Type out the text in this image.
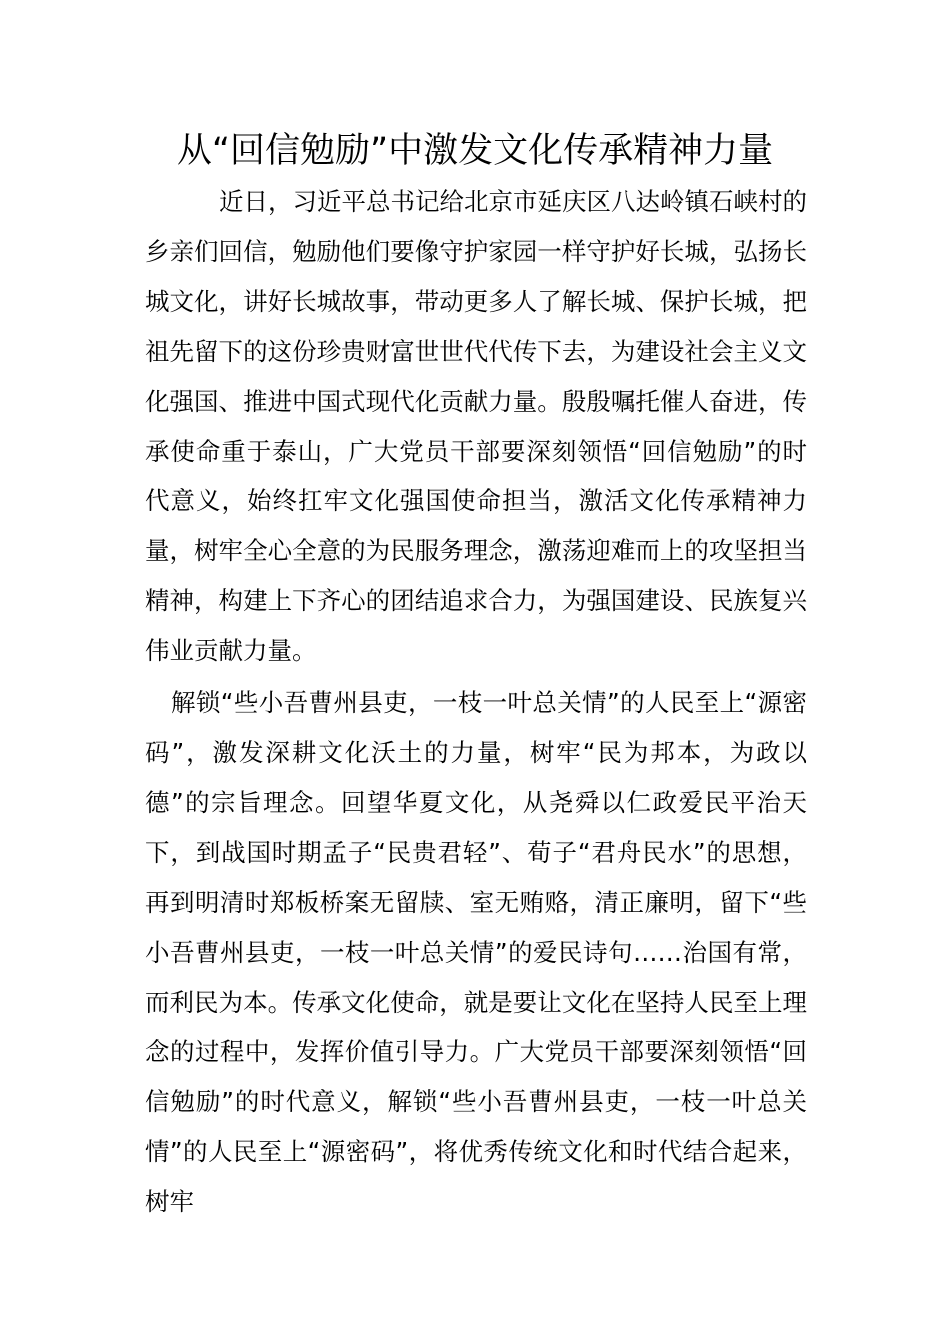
从“回信勉励”中激发文化传承精神力量

近日，习近平总书记给北京市延庆区八达岭镇石峡村的乡亲们回信，勉励他们要像守护家园一样守护好长城，弘扬长城文化，讲好长城故事，带动更多人了解长城、保护长城，把祖先留下的这份珍贵财富世世代代传下去，为建设社会主义文化强国、推进中国式现代化贡献力量。殷殷嘱托催人奋进，传承使命重于泰山，广大党员干部要深刻领悟“回信勉励”的时代意义，始终扛牢文化强国使命担当，激活文化传承精神力量，树牢全心全意的为民服务理念，激荡迎难而上的攻坚担当精神，构建上下齐心的团结追求合力，为强国建设、民族复兴伟业贡献力量。

解锁“些小吾曹州县吏，一枝一叶总关情”的人民至上“源密码”，激发深耕文化沃土的力量，树牢“民为邦本，为政以德”的宗旨理念。回望华夏文化，从尧舜以仁政爱民平治天下，到战国时期孟子“民贵君轻”、荀子“君舟民水”的思想，再到明清时郑板桥案无留牍、室无贿赂，清正廉明，留下“些小吾曹州县吏，一枝一叶总关情”的爱民诗句……治国有常，而利民为本。传承文化使命，就是要让文化在坚持人民至上理念的过程中，发挥价值引导力。广大党员干部要深刻领悟“回信勉励”的时代意义，解锁“些小吾曹州县吏，一枝一叶总关情”的人民至上“源密码”，将优秀传统文化和时代结合起来，树牢
